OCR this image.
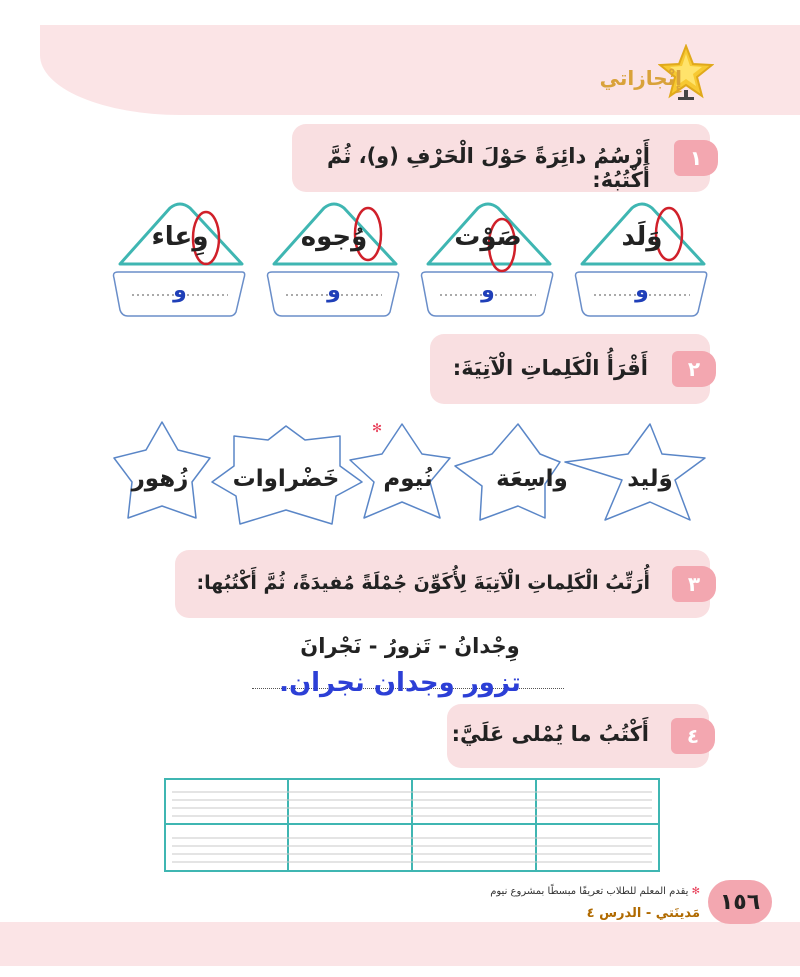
إِنْجازاتي
١
أَرْسُمُ دائِرَةً حَوْلَ الْحَرْفِ (و)، ثُمَّ أَكْتُبُهُ:
وَلَد
و
صَوْت
و
وُجوه
و
وِعاء
و
٢
أَقْرَأُ الْكَلِماتِ الْآتِيَةَ:
✻
وَليد
واسِعَة
نُيوم
خَضْراوات
زُهور
٣
أُرَتِّبُ الْكَلِماتِ الْآتِيَةَ لِأُكَوِّنَ جُمْلَةً مُفيدَةً، ثُمَّ أَكْتُبُها:
وِجْدانُ - تَزورُ - نَجْرانَ
تزور وجدان نجران.
٤
أَكْتُبُ ما يُمْلى عَلَيَّ:
١٥٦
✻ يقدم المعلم للطلاب تعريفًا مبسطًا بمشروع نيوم
مَدينَتي - الدرس ٤
